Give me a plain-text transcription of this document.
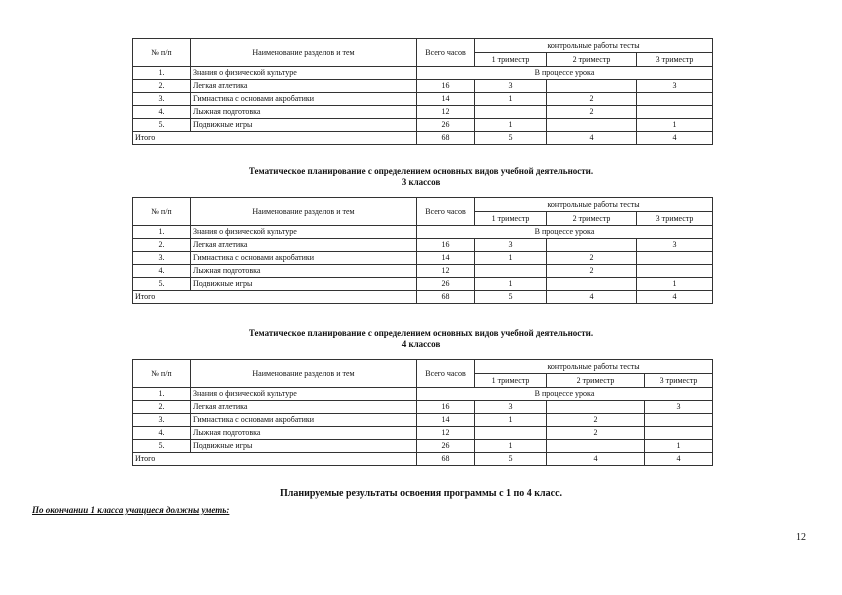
№ п/п	Наименование разделов и тем	Всего часов	контрольные работы тесты		
			1 триместр	2 триместр	3 триместр
1.	Знания о физической культуре	В процессе урока			
2.	Легкая атлетика	16	3		3
3.	Гимнастика с основами акробатики	14	1	2	
4.	Лыжная подготовка	12		2	
5.	Подвижные игры	26	1		1
Итого		68	5	4	4
Тематическое планирование с определением основных видов учебной деятельности.
3 классов
№ п/п	Наименование разделов и тем	Всего часов	контрольные работы тесты		
			1 триместр	2 триместр	3 триместр
1.	Знания о физической культуре	В процессе урока			
2.	Легкая атлетика	16	3		3
3.	Гимнастика с основами акробатики	14	1	2	
4.	Лыжная подготовка	12		2	
5.	Подвижные игры	26	1		1
Итого		68	5	4	4
Тематическое планирование с определением основных видов учебной деятельности.
4 классов
№ п/п	Наименование разделов и тем	Всего часов	контрольные работы тесты		
			1 триместр	2 триместр	3 триместр
1.	Знания о физической культуре	В процессе урока			
2.	Легкая атлетика	16	3		3
3.	Гимнастика с основами акробатики	14	1	2	
4.	Лыжная подготовка	12		2	
5.	Подвижные игры	26	1		1
Итого		68	5	4	4
Планируемые результаты освоения программы с 1 по 4 класс.
По окончании 1 класса учащиеся должны уметь:
12
